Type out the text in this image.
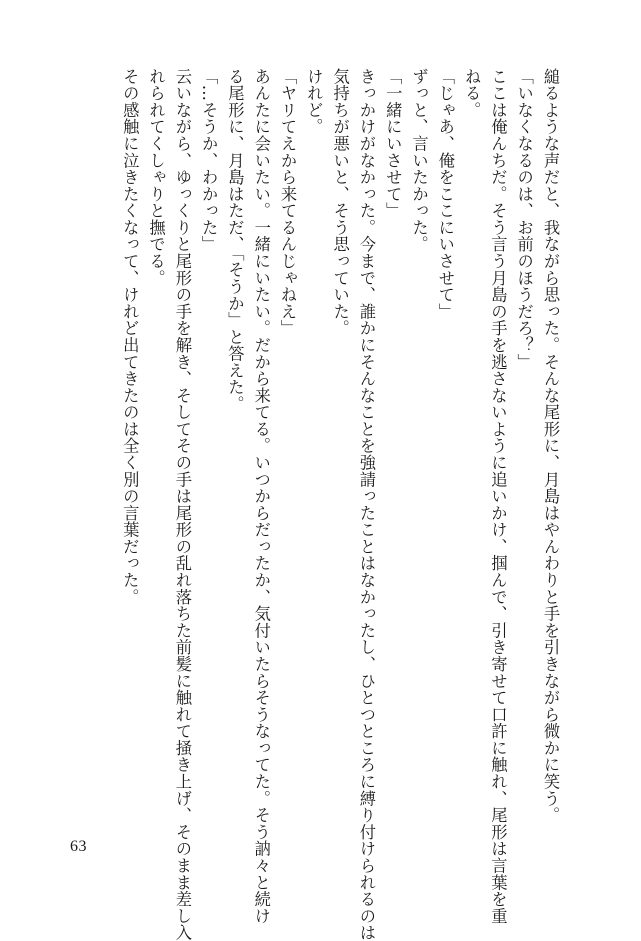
縋るような声だと、我ながら思った。そんな尾形に、月島はやんわりと手を引きながら微かに笑う。
「いなくなるのは、お前のほうだろ？」
ここは俺んちだ。そう言う月島の手を逃さないように追いかけ、掴んで、引き寄せて口許に触れ、尾形は言葉を重
ねる。
「じゃあ、俺をここにいさせて」
ずっと、言いたかった。
「一緒にいさせて」
きっかけがなかった。今まで、誰かにそんなことを強請ったことはなかったし、ひとつところに縛り付けられるのは
気持ちが悪いと、そう思っていた。
けれど。
「ヤリてえから来てるんじゃねえ」
あんたに会いたい。一緒にいたい。だから来てる。いつからだったか、気付いたらそうなってた。そう訥々と続け
る尾形に、月島はただ、「そうか」と答えた。
「…そうか、わかった」
云いながら、ゆっくりと尾形の手を解き、そしてその手は尾形の乱れ落ちた前髪に触れて掻き上げ、そのまま差し入
れられてくしゃりと撫でる。
その感触に泣きたくなって、けれど出てきたのは全く別の言葉だった。
63
